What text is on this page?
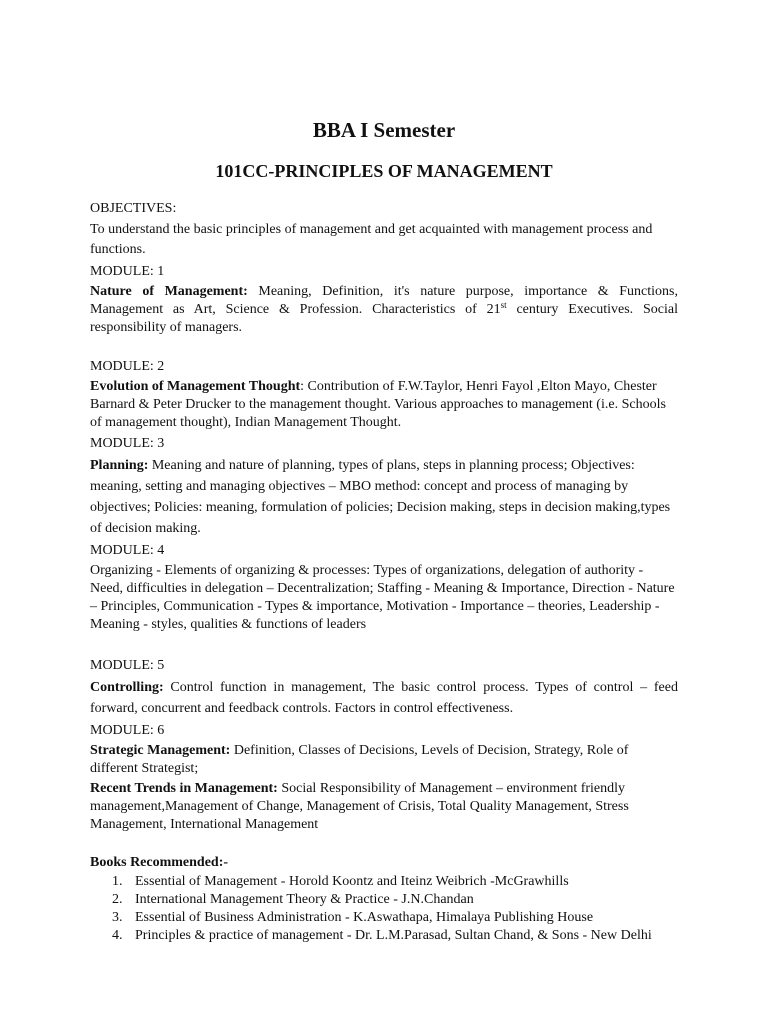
BBA I Semester
101CC-PRINCIPLES OF MANAGEMENT

OBJECTIVES:

To understand the basic principles of management and get acquainted with management process and functions.

MODULE: 1

Nature of Management: Meaning, Definition, it's nature purpose, importance & Functions, Management as Art, Science & Profession. Characteristics of 21st century Executives. Social responsibility of managers.

MODULE: 2

Evolution of Management Thought: Contribution of F.W.Taylor, Henri Fayol ,Elton Mayo, Chester Barnard & Peter Drucker to the management thought. Various approaches to management (i.e. Schools of management thought), Indian Management Thought.

MODULE: 3

Planning: Meaning and nature of planning, types of plans, steps in planning process; Objectives: meaning, setting and managing objectives – MBO method: concept and process of managing by objectives; Policies: meaning, formulation of policies; Decision making, steps in decision making,types of decision making.

MODULE: 4

Organizing - Elements of organizing & processes: Types of organizations, delegation of authority - Need, difficulties in delegation – Decentralization; Staffing - Meaning & Importance, Direction - Nature – Principles, Communication - Types & importance, Motivation - Importance – theories, Leadership - Meaning - styles, qualities & functions of leaders

MODULE: 5

Controlling: Control function in management, The basic control process. Types of control – feed forward, concurrent and feedback controls. Factors in control effectiveness.

MODULE: 6

Strategic Management: Definition, Classes of Decisions, Levels of Decision, Strategy, Role of different Strategist;

Recent Trends in Management: Social Responsibility of Management – environment friendly management,Management of Change, Management of Crisis, Total Quality Management, Stress Management, International Management

Books Recommended:-

1. Essential of Management - Horold Koontz and Iteinz Weibrich -McGrawhills
2. International Management Theory & Practice - J.N.Chandan
3. Essential of Business Administration - K.Aswathapa, Himalaya Publishing House
4. Principles & practice of management - Dr. L.M.Parasad, Sultan Chand, & Sons - New Delhi
